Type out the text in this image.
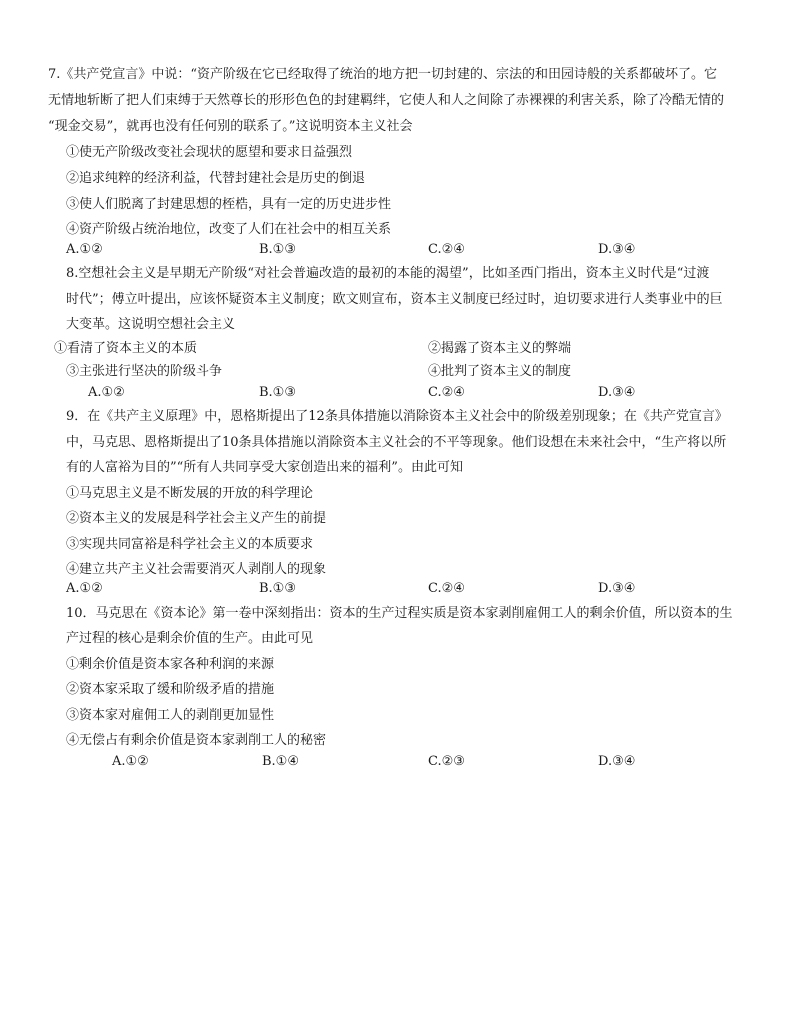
7.《共产党宣言》中说：“资产阶级在它已经取得了统治的地方把一切封建的、宗法的和田园诗般的关系都破坏了。它
无情地斩断了把人们束缚于天然尊长的形形色色的封建羁绊，它使人和人之间除了赤裸裸的利害关系，除了冷酷无情的
“现金交易”，就再也没有任何别的联系了。”这说明资本主义社会
①使无产阶级改变社会现状的愿望和要求日益强烈
②追求纯粹的经济利益，代替封建社会是历史的倒退
③使人们脱离了封建思想的桎梏，具有一定的历史进步性
④资产阶级占统治地位，改变了人们在社会中的相互关系
A.①②	B.①③	C.②④	D.③④
8.空想社会主义是早期无产阶级“对社会普遍改造的最初的本能的渴望”，比如圣西门指出，资本主义时代是“过渡
时代”；傅立叶提出，应该怀疑资本主义制度；欧文则宣布，资本主义制度已经过时，迫切要求进行人类事业中的巨
大变革。这说明空想社会主义
①看清了资本主义的本质	②揭露了资本主义的弊端
③主张进行坚决的阶级斗争	④批判了资本主义的制度
A.①②	B.①③	C.②④	D.③④
9．在《共产主义原理》中，恩格斯提出了12条具体措施以消除资本主义社会中的阶级差别现象；在《共产党宣言》
中，马克思、恩格斯提出了10条具体措施以消除资本主义社会的不平等现象。他们设想在未来社会中，“生产将以所
有的人富裕为目的”“所有人共同享受大家创造出来的福利”。由此可知
①马克思主义是不断发展的开放的科学理论
②资本主义的发展是科学社会主义产生的前提
③实现共同富裕是科学社会主义的本质要求
④建立共产主义社会需要消灭人剥削人的现象
A.①②	B.①③	C.②④	D.③④
10．马克思在《资本论》第一卷中深刻指出：资本的生产过程实质是资本家剥削雇佣工人的剩余价值，所以资本的生
产过程的核心是剩余价值的生产。由此可见
①剩余价值是资本家各种利润的来源
②资本家采取了缓和阶级矛盾的措施
③资本家对雇佣工人的剥削更加显性
④无偿占有剩余价值是资本家剥削工人的秘密
A.①②	B.①④	C.②③	D.③④
